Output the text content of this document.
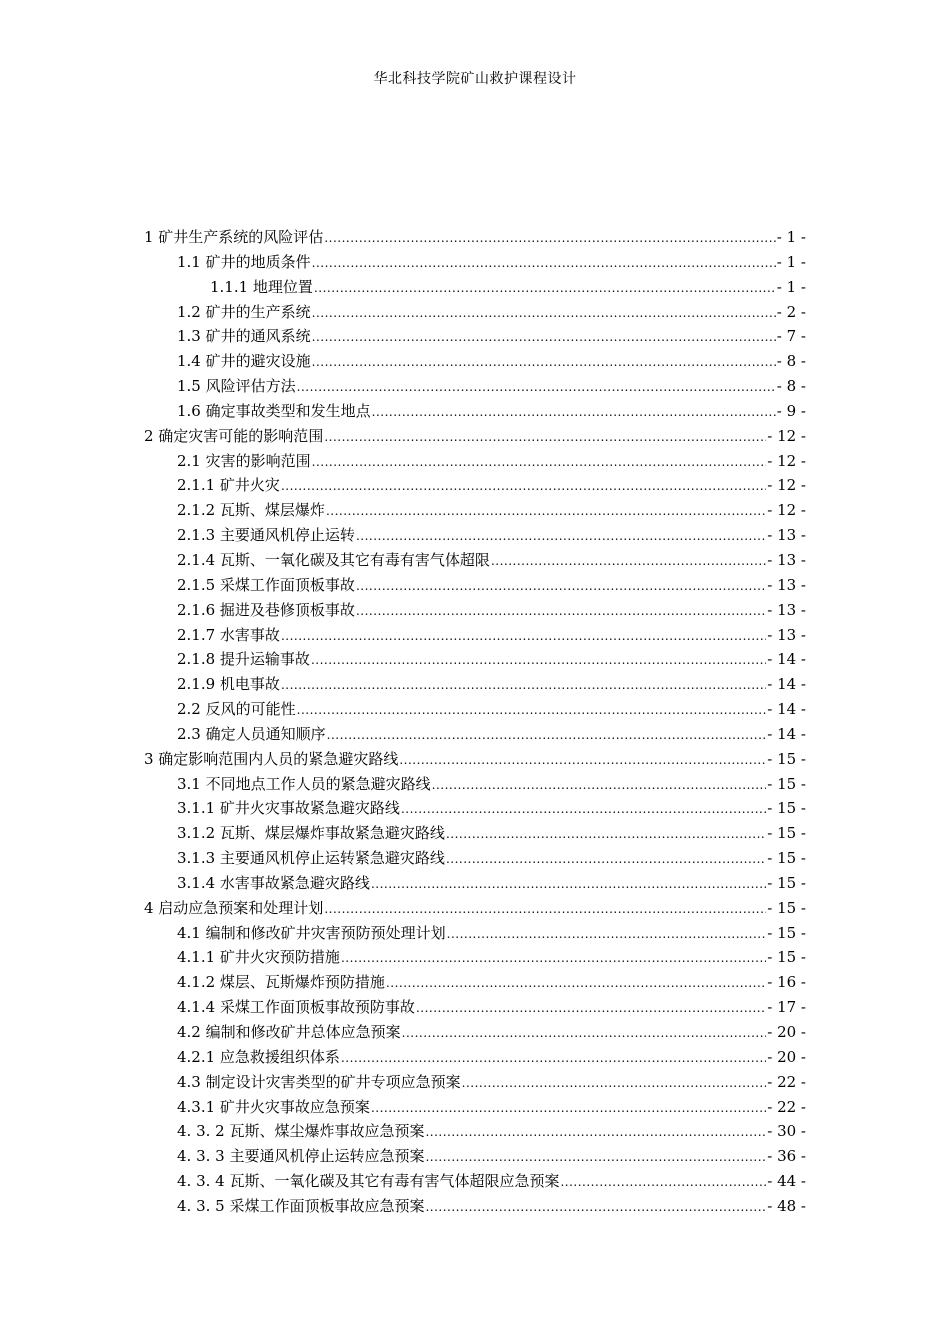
华北科技学院矿山救护课程设计
1 矿井生产系统的风险评估 .....	- 1 -
1.1 矿井的地质条件 .....	- 1 -
1.1.1 地理位置 .....	- 1 -
1.2 矿井的生产系统 .....	- 2 -
1.3 矿井的通风系统 .....	- 7 -
1.4 矿井的避灾设施 .....	- 8 -
1.5 风险评估方法 .....	- 8 -
1.6 确定事故类型和发生地点 .....	- 9 -
2 确定灾害可能的影响范围 .....	- 12 -
2.1 灾害的影响范围 .....	- 12 -
2.1.1 矿井火灾 .....	- 12 -
2.1.2 瓦斯、煤层爆炸 .....	- 12 -
2.1.3 主要通风机停止运转 .....	- 13 -
2.1.4 瓦斯、一氧化碳及其它有毒有害气体超限 .....	- 13 -
2.1.5 采煤工作面顶板事故 .....	- 13 -
2.1.6 掘进及巷修顶板事故 .....	- 13 -
2.1.7 水害事故 .....	- 13 -
2.1.8 提升运输事故 .....	- 14 -
2.1.9 机电事故 .....	- 14 -
2.2 反风的可能性 .....	- 14 -
2.3 确定人员通知顺序 .....	- 14 -
3 确定影响范围内人员的紧急避灾路线 .....	- 15 -
3.1 不同地点工作人员的紧急避灾路线 .....	- 15 -
3.1.1 矿井火灾事故紧急避灾路线 .....	- 15 -
3.1.2 瓦斯、煤层爆炸事故紧急避灾路线 .....	- 15 -
3.1.3 主要通风机停止运转紧急避灾路线 .....	- 15 -
3.1.4 水害事故紧急避灾路线 .....	- 15 -
4 启动应急预案和处理计划 .....	- 15 -
4.1 编制和修改矿井灾害预防预处理计划 .....	- 15 -
4.1.1 矿井火灾预防措施 .....	- 15 -
4.1.2 煤层、瓦斯爆炸预防措施 .....	- 16 -
4.1.4 采煤工作面顶板事故预防事故 .....	- 17 -
4.2 编制和修改矿井总体应急预案 .....	- 20 -
4.2.1 应急救援组织体系 .....	- 20 -
4.3 制定设计灾害类型的矿井专项应急预案 .....	- 22 -
4.3.1 矿井火灾事故应急预案 .....	- 22 -
4. 3. 2 瓦斯、煤尘爆炸事故应急预案 .....	- 30 -
4. 3. 3 主要通风机停止运转应急预案 .....	- 36 -
4. 3. 4 瓦斯、一氧化碳及其它有毒有害气体超限应急预案 .....	- 44 -
4. 3. 5 采煤工作面顶板事故应急预案 .....	- 48 -
